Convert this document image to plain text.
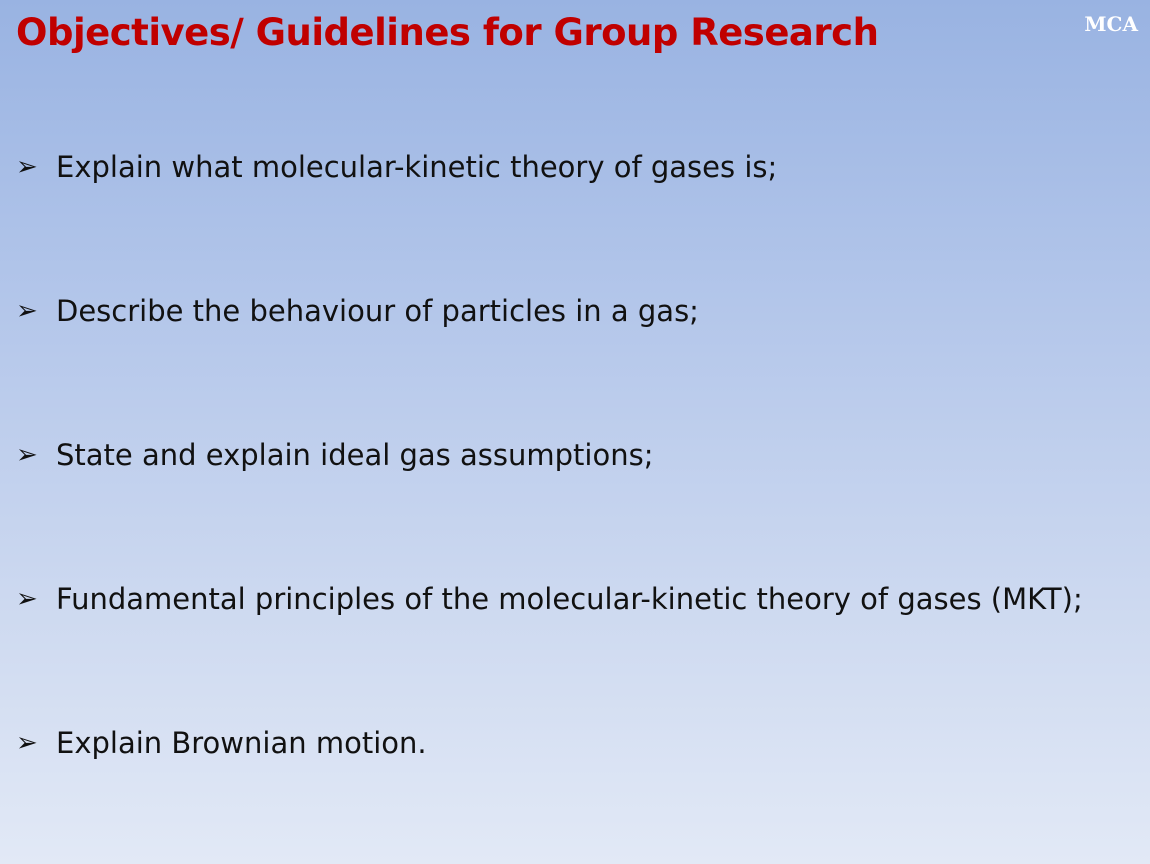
Objectives/ Guidelines for Group Research	MCA
➢ Explain what molecular-kinetic theory of gases is;
➢ Describe the behaviour of particles in a gas;
➢ State and explain ideal gas assumptions;
➢ Fundamental principles of the molecular-kinetic theory of gases (MKT);
➢ Explain Brownian motion.
